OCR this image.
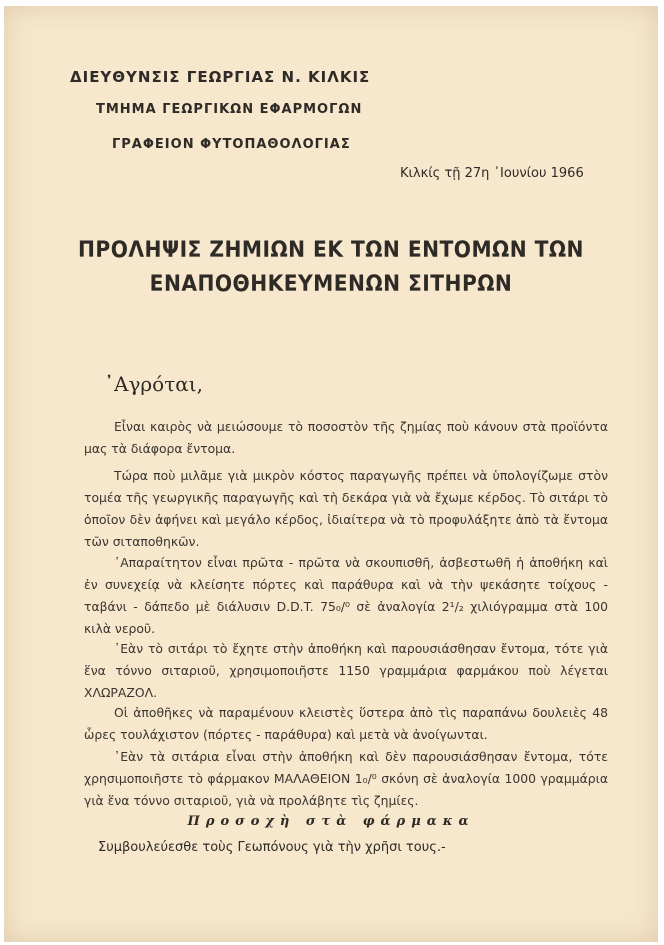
ΔΙΕΥΘΥΝΣΙΣ ΓΕΩΡΓΙΑΣ Ν. ΚΙΛΚΙΣ
ΤΜΗΜΑ ΓΕΩΡΓΙΚΩΝ ΕΦΑΡΜΟΓΩΝ
ΓΡΑΦΕΙΟΝ ΦΥΤΟΠΑΘΟΛΟΓΙΑΣ
Κιλκίς τῇ 27η ᾿Ιουνίου 1966
ΠΡΟΛΗΨΙΣ ΖΗΜΙΩΝ ΕΚ ΤΩΝ ΕΝΤΟΜΩΝ ΤΩΝ
ΕΝΑΠΟΘΗΚΕΥΜΕΝΩΝ ΣΙΤΗΡΩΝ
᾿Αγρόται,
Εἶναι καιρὸς νὰ μειώσουμε τὸ ποσοστὸν τῆς ζημίας ποὺ κάνουν στὰ προϊόντα μας τὰ διάφορα ἔντομα.
Τώρα ποὺ μιλᾶμε γιὰ μικρὸν κόστος παραγωγῆς πρέπει νὰ ὑπολογίζωμε στὸν τομέα τῆς γεωργικῆς παραγωγῆς καὶ τὴ δεκάρα γιὰ νὰ ἔχωμε κέρδος. Τὸ σιτάρι τὸ ὁποῖον δὲν ἀφήνει καὶ μεγάλο κέρδος, ἰδιαίτερα νὰ τὸ προφυλάξητε ἀπὸ τὰ ἔντομα τῶν σιταποθηκῶν.
᾿Απαραίτητον εἶναι πρῶτα - πρῶτα νὰ σκουπισθῆ, ἀσβεστωθῆ ἡ ἀποθήκη καὶ ἐν συνεχείᾳ νὰ κλείσητε πόρτες καὶ παράθυρα καὶ νὰ τὴν ψεκάσητε τοίχους - ταβάνι - δάπεδο μὲ διάλυσιν D.D.T. 75₀/⁰ σὲ ἀναλογία 2¹/₂ χιλιόγραμμα στὰ 100 κιλὰ νεροῦ.
᾿Εὰν τὸ σιτάρι τὸ ἔχητε στὴν ἀποθήκη καὶ παρουσιάσθησαν ἔντομα, τότε γιὰ ἕνα τόννο σιταριοῦ, χρησιμοποιῆστε 1150 γραμμάρια φαρμάκου ποὺ λέγεται ΧΛΩΡΑΖΟΛ.
Οἱ ἀποθῆκες νὰ παραμένουν κλειστὲς ὕστερα ἀπὸ τὶς παραπάνω δουλειὲς 48 ὧρες τουλάχιστον (πόρτες - παράθυρα) καὶ μετὰ νὰ ἀνοίγωνται.
᾿Εὰν τὰ σιτάρια εἶναι στὴν ἀποθήκη καὶ δὲν παρουσιάσθησαν ἔντομα, τότε χρησιμοποιῆστε τὸ φάρμακον ΜΑΛΑΘΕΙΟΝ 1₀/⁰ σκόνη σὲ ἀναλογία 1000 γραμμάρια γιὰ ἕνα τόννο σιταριοῦ, γιὰ νὰ προλάβητε τὶς ζημίες.
Προσοχὴ στὰ φάρμακα
Συμβουλεύεσθε τοὺς Γεωπόνους γιὰ τὴν χρῆσι τους.-
